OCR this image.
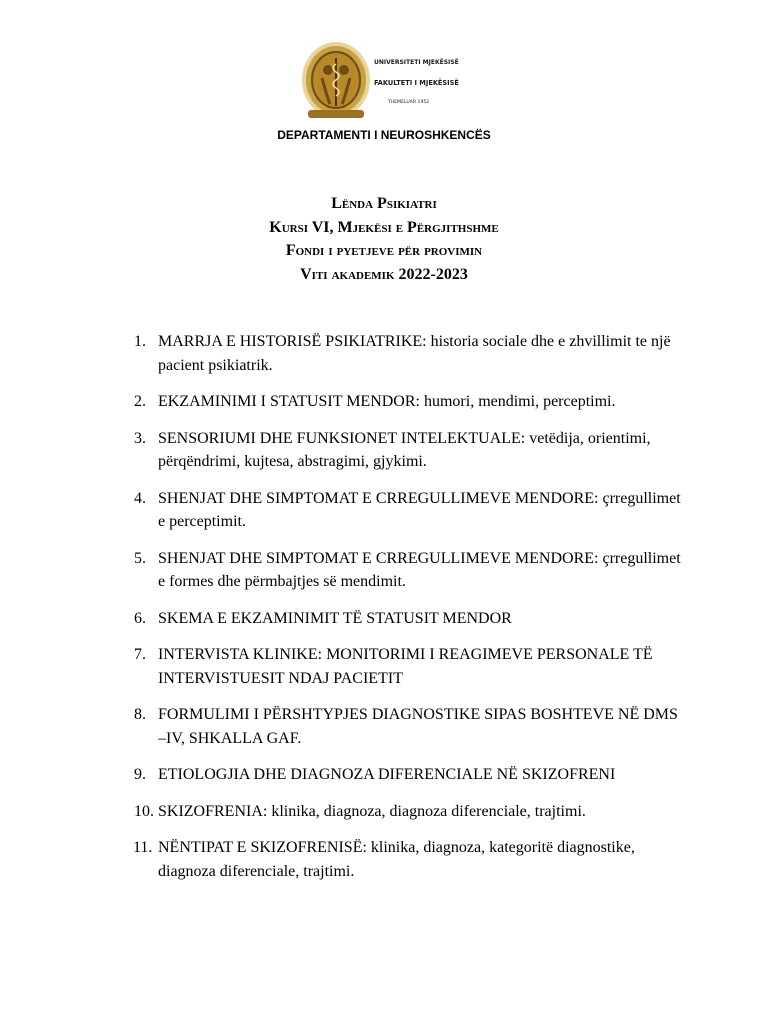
UNIVERSITETI MJEKËSISË
FAKULTETI I MJEKËSISË
THEMELUAR 1952
DEPARTAMENTI I NEUROSHKENCËS
Lënda Psikiatri
Kursi VI, Mjekësi e Përgjithshme
Fondi i pyetjeve për provimin
Viti akademik 2022-2023
1. MARRJA E HISTORISË PSIKIATRIKE: historia sociale dhe e zhvillimit te një pacient psikiatrik.
2. EKZAMINIMI I STATUSIT MENDOR: humori, mendimi, perceptimi.
3. SENSORIUMI DHE FUNKSIONET INTELEKTUALE: vetëdija, orientimi, përqëndrimi, kujtesa, abstragimi, gjykimi.
4. SHENJAT DHE SIMPTOMAT E CRREGULLIMEVE MENDORE: çrregullimet e perceptimit.
5. SHENJAT DHE SIMPTOMAT E CRREGULLIMEVE MENDORE: çrregullimet e formes dhe përmbajtjes së mendimit.
6. SKEMA E EKZAMINIMIT TË STATUSIT MENDOR
7. INTERVISTA KLINIKE: MONITORIMI I REAGIMEVE PERSONALE TË INTERVISTUESIT NDAJ PACIETIT
8. FORMULIMI I PËRSHTYPJES DIAGNOSTIKE SIPAS BOSHTEVE NË DMS –IV, SHKALLA GAF.
9. ETIOLOGJIA DHE DIAGNOZA DIFERENCIALE NË SKIZOFRENI
10. SKIZOFRENIA: klinika, diagnoza, diagnoza diferenciale, trajtimi.
11. NËNTIPAT E SKIZOFRENISË: klinika, diagnoza, kategoritë diagnostike, diagnoza diferenciale, trajtimi.
